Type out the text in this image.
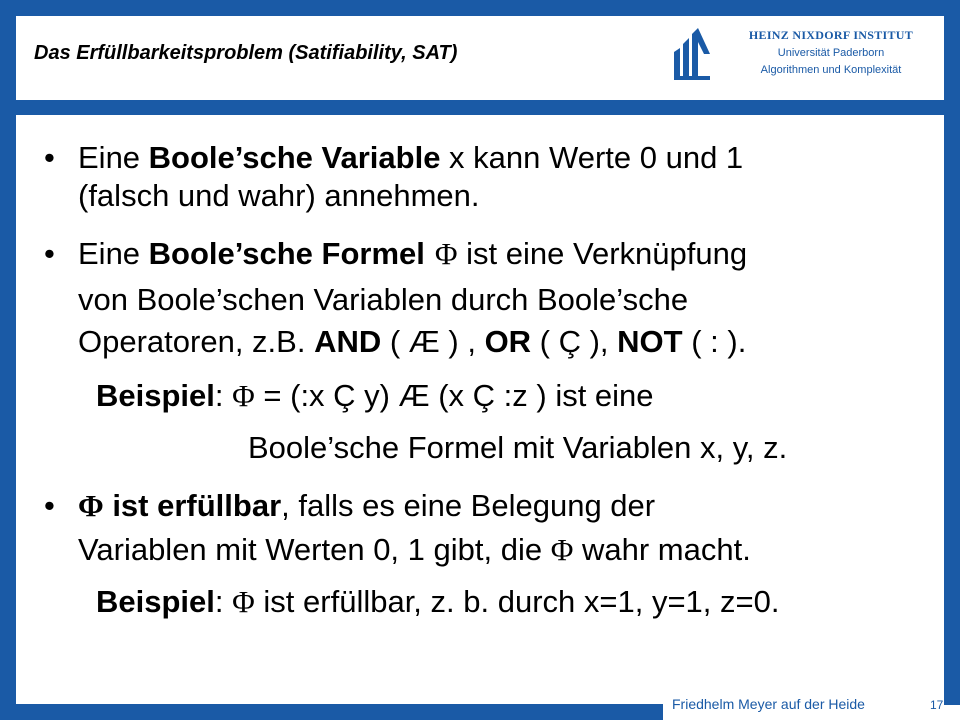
Das Erfüllbarkeitsproblem (Satifiability, SAT)
HEINZ NIXDORF INSTITUT
Universität Paderborn
Algorithmen und Komplexität
• Eine Boole’sche Variable x kann Werte 0 und 1
(falsch und wahr) annehmen.
• Eine Boole’sche Formel Φ ist eine Verknüpfung
von Boole’schen Variablen durch Boole’sche
Operatoren, z.B. AND ( Æ ) , OR ( Ç ), NOT ( : ).
Beispiel: Φ = (:x Ç y) Æ (x Ç :z ) ist eine
Boole’sche Formel mit Variablen x, y, z.
• Φ ist erfüllbar, falls es eine Belegung der
Variablen mit Werten 0, 1 gibt, die Φ wahr macht.
Beispiel: Φ ist erfüllbar, z. b. durch x=1, y=1, z=0.
Friedhelm Meyer auf der Heide	17
